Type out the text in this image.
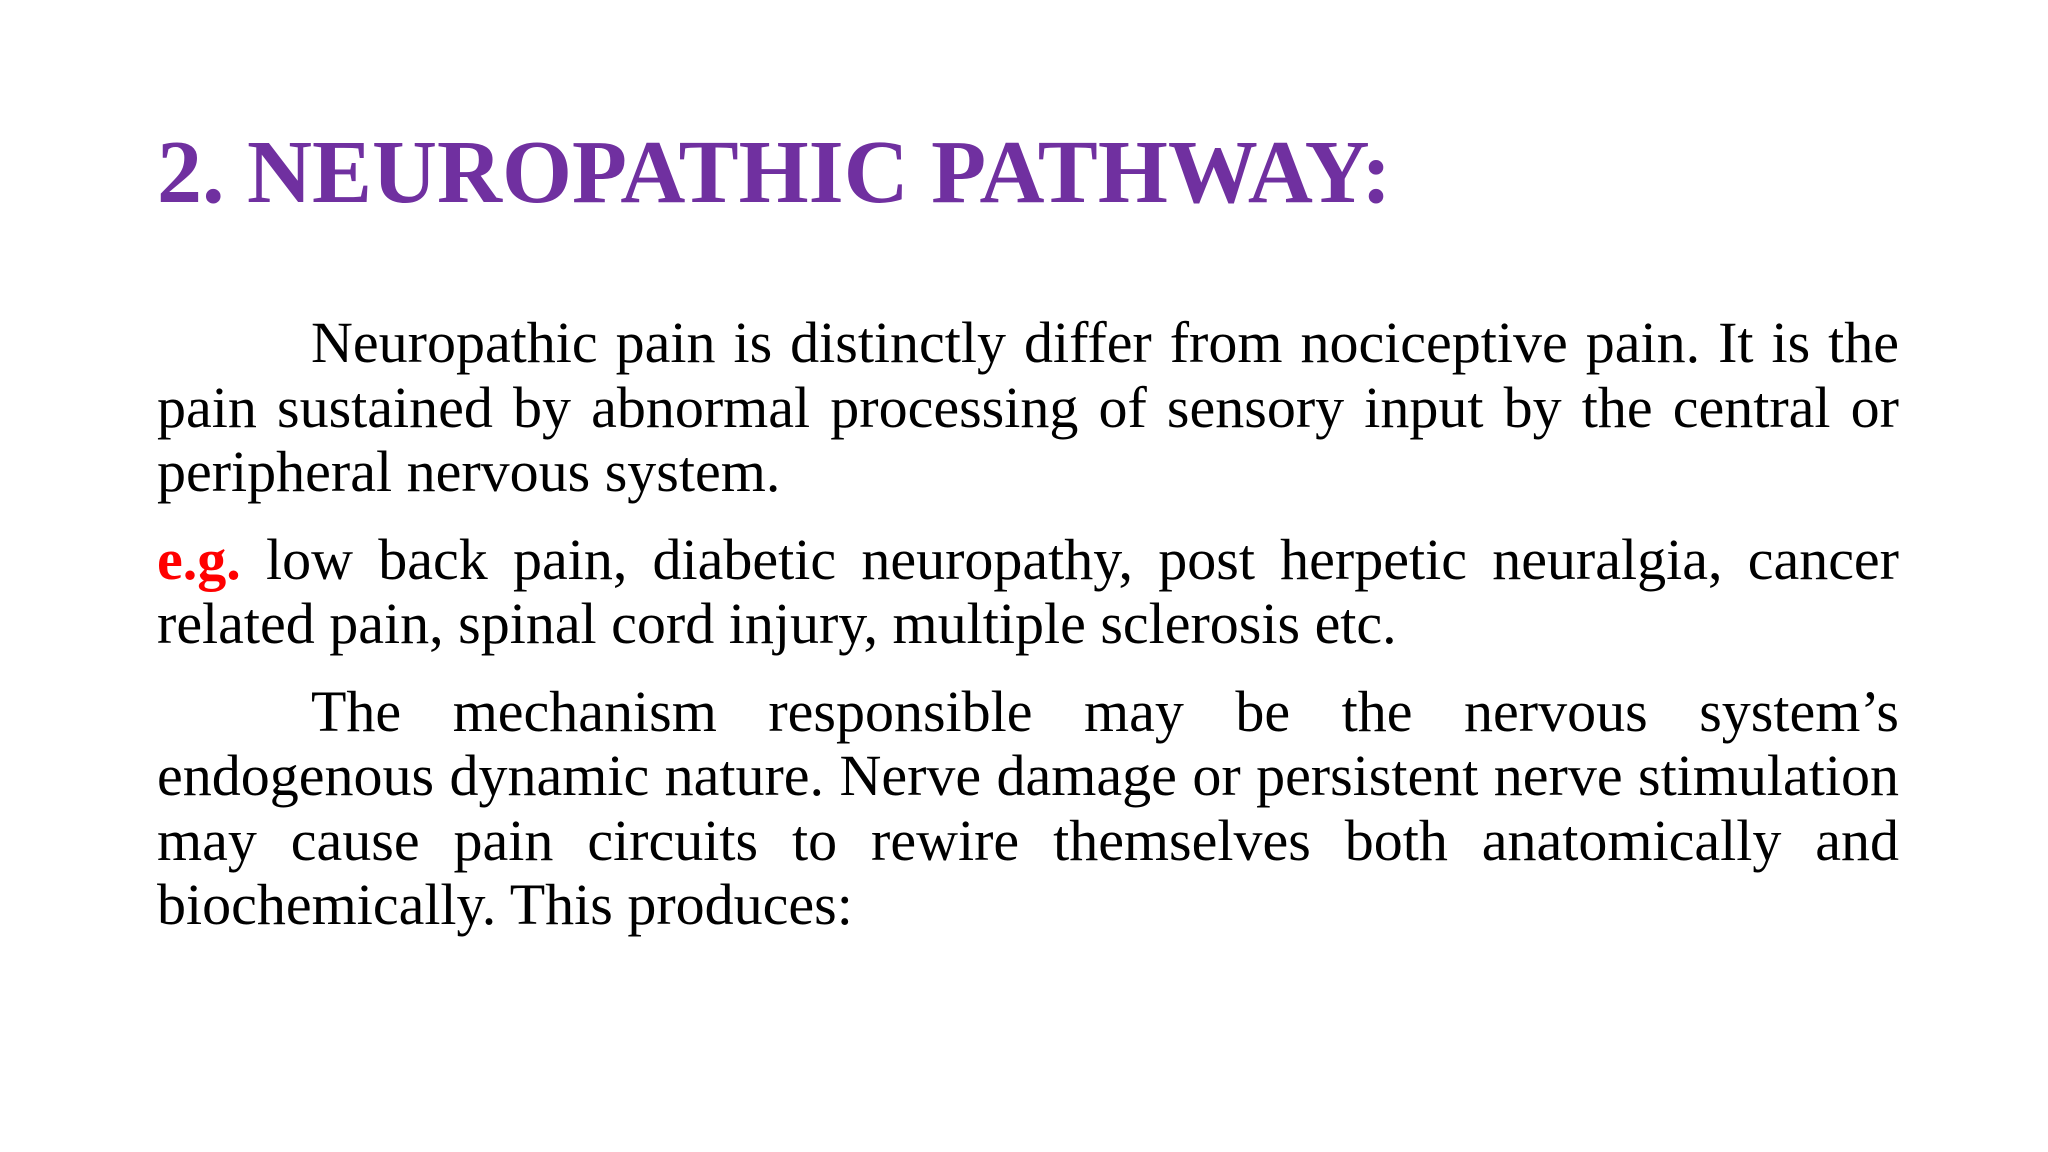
2. NEUROPATHIC PATHWAY:

Neuropathic pain is distinctly differ from nociceptive pain. It is the pain sustained by abnormal processing of sensory input by the central or peripheral nervous system.

e.g. low back pain, diabetic neuropathy, post herpetic neuralgia, cancer related pain, spinal cord injury, multiple sclerosis etc.

The mechanism responsible may be the nervous system’s endogenous dynamic nature. Nerve damage or persistent nerve stimulation may cause pain circuits to rewire themselves both anatomically and biochemically. This produces:
